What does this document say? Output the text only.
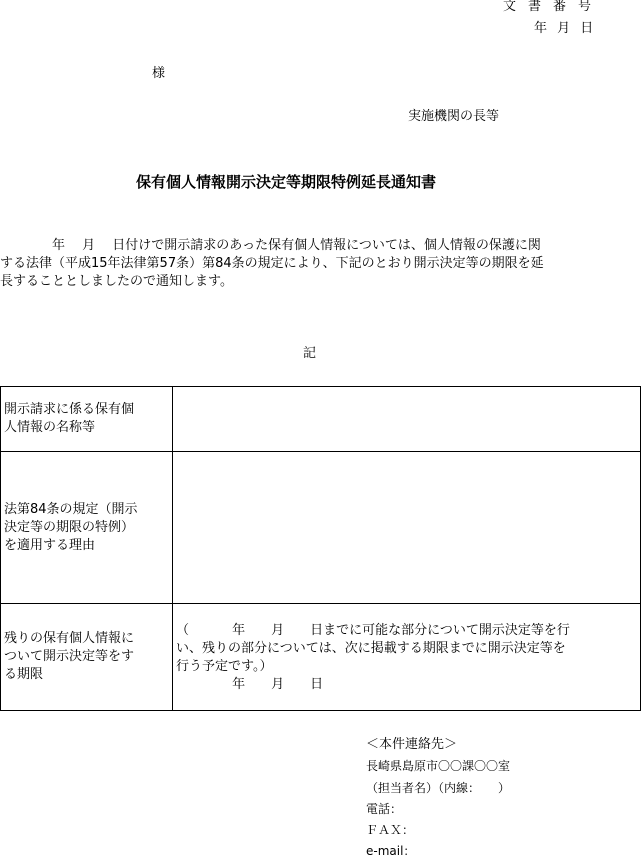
文書番号
年 月 日
様
実施機関の長等
保有個人情報開示決定等期限特例延長通知書
　　　　年　 月　 日付けで開示請求のあった保有個人情報については、個人情報の保護に関
する法律（平成15年法律第57条）第84条の規定により、下記のとおり開示決定等の期限を延
長することとしましたので通知します。
記
開示請求に係る保有個
人情報の名称等	

法第84条の規定（開示
決定等の期限の特例）
を適用する理由	

残りの保有個人情報に
ついて開示決定等をす
る期限	（　　　 年　　月　　日までに可能な部分について開示決定等を行
い、残りの部分については、次に掲載する期限までに開示決定等を
行う予定です。）
　　　　 年　　月　　日
＜本件連絡先＞
長崎県島原市〇〇課〇〇室
（担当者名）（内線：　　）
電話：
ＦＡＸ：
e-mail：
